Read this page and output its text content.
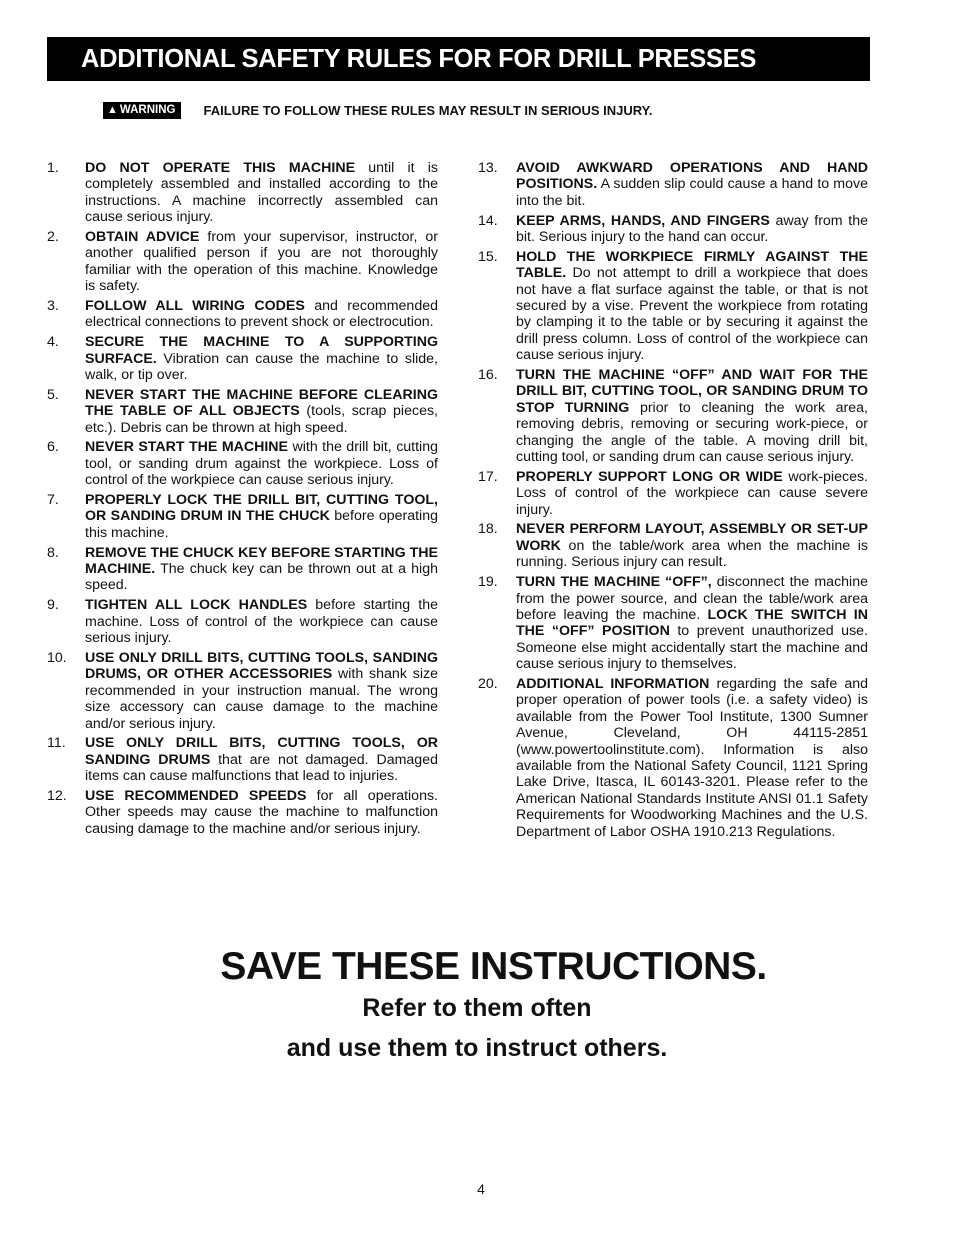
ADDITIONAL SAFETY RULES FOR FOR DRILL PRESSES
▲ WARNING FAILURE TO FOLLOW THESE RULES MAY RESULT IN SERIOUS INJURY.
1.	DO NOT OPERATE THIS MACHINE until it is completely assembled and installed according to the instructions. A machine incorrectly assembled can cause serious injury.
2.	OBTAIN ADVICE from your supervisor, instructor, or another qualified person if you are not thoroughly familiar with the operation of this machine. Knowledge is safety.
3.	FOLLOW ALL WIRING CODES and recommended electrical connections to prevent shock or electrocution.
4.	SECURE THE MACHINE TO A SUPPORTING SURFACE. Vibration can cause the machine to slide, walk, or tip over.
5.	NEVER START THE MACHINE BEFORE CLEARING THE TABLE OF ALL OBJECTS (tools, scrap pieces, etc.). Debris can be thrown at high speed.
6.	NEVER START THE MACHINE with the drill bit, cutting tool, or sanding drum against the workpiece. Loss of control of the workpiece can cause serious injury.
7.	PROPERLY LOCK THE DRILL BIT, CUTTING TOOL, OR SANDING DRUM IN THE CHUCK before operating this machine.
8.	REMOVE THE CHUCK KEY BEFORE STARTING THE MACHINE. The chuck key can be thrown out at a high speed.
9.	TIGHTEN ALL LOCK HANDLES before starting the machine. Loss of control of the workpiece can cause serious injury.
10.	USE ONLY DRILL BITS, CUTTING TOOLS, SANDING DRUMS, OR OTHER ACCESSORIES with shank size recommended in your instruction manual. The wrong size accessory can cause damage to the machine and/or serious injury.
11.	USE ONLY DRILL BITS, CUTTING TOOLS, OR SANDING DRUMS that are not damaged. Damaged items can cause malfunctions that lead to injuries.
12.	USE RECOMMENDED SPEEDS for all operations. Other speeds may cause the machine to malfunction causing damage to the machine and/or serious injury.
13.	AVOID AWKWARD OPERATIONS AND HAND POSITIONS. A sudden slip could cause a hand to move into the bit.
14.	KEEP ARMS, HANDS, AND FINGERS away from the bit. Serious injury to the hand can occur.
15.	HOLD THE WORKPIECE FIRMLY AGAINST THE TABLE. Do not attempt to drill a workpiece that does not have a flat surface against the table, or that is not secured by a vise. Prevent the workpiece from rotating by clamping it to the table or by securing it against the drill press column. Loss of control of the workpiece can cause serious injury.
16.	TURN THE MACHINE “OFF” AND WAIT FOR THE DRILL BIT, CUTTING TOOL, OR SANDING DRUM TO STOP TURNING prior to cleaning the work area, removing debris, removing or securing work-piece, or changing the angle of the table. A moving drill bit, cutting tool, or sanding drum can cause serious injury.
17.	PROPERLY SUPPORT LONG OR WIDE work-pieces. Loss of control of the workpiece can cause severe injury.
18.	NEVER PERFORM LAYOUT, ASSEMBLY OR SET-UP WORK on the table/work area when the machine is running. Serious injury can result.
19.	TURN THE MACHINE “OFF”, disconnect the machine from the power source, and clean the table/work area before leaving the machine. LOCK THE SWITCH IN THE “OFF” POSITION to prevent unauthorized use. Someone else might accidentally start the machine and cause serious injury to themselves.
20.	ADDITIONAL INFORMATION regarding the safe and proper operation of power tools (i.e. a safety video) is available from the Power Tool Institute, 1300 Sumner Avenue, Cleveland, OH 44115-2851 (www.powertoolinstitute.com). Information is also available from the National Safety Council, 1121 Spring Lake Drive, Itasca, IL 60143-3201. Please refer to the American National Standards Institute ANSI 01.1 Safety Requirements for Woodworking Machines and the U.S. Department of Labor OSHA 1910.213 Regulations.
SAVE THESE INSTRUCTIONS.
Refer to them often
and use them to instruct others.
4
